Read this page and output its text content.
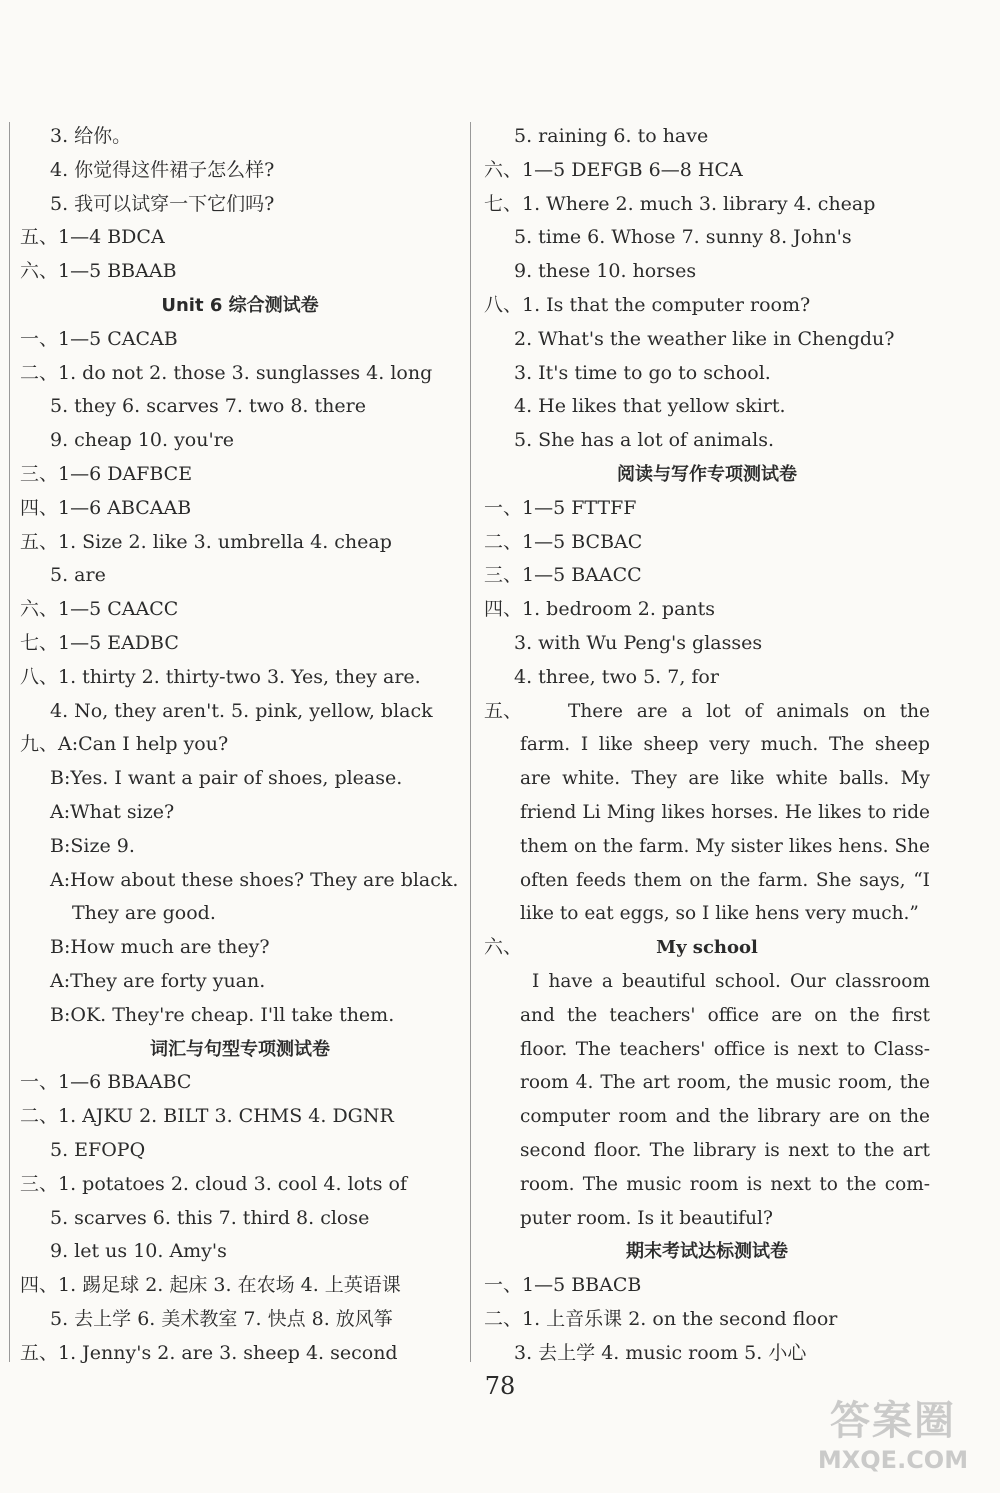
3. 给你。
4. 你觉得这件裙子怎么样?
5. 我可以试穿一下它们吗?
五、1—4 BDCA
六、1—5 BBAAB
Unit 6 综合测试卷
一、1—5 CACAB
二、1. do not 2. those 3. sunglasses 4. long
5. they 6. scarves 7. two 8. there
9. cheap 10. you're
三、1—6 DAFBCE
四、1—6 ABCAAB
五、1. Size 2. like 3. umbrella 4. cheap
5. are
六、1—5 CAACC
七、1—5 EADBC
八、1. thirty 2. thirty-two 3. Yes, they are.
4. No, they aren't. 5. pink, yellow, black
九、A:Can I help you?
B:Yes. I want a pair of shoes, please.
A:What size?
B:Size 9.
A:How about these shoes? They are black.
They are good.
B:How much are they?
A:They are forty yuan.
B:OK. They're cheap. I'll take them.
词汇与句型专项测试卷
一、1—6 BBAABC
二、1. AJKU 2. BILT 3. CHMS 4. DGNR
5. EFOPQ
三、1. potatoes 2. cloud 3. cool 4. lots of
5. scarves 6. this 7. third 8. close
9. let us 10. Amy's
四、1. 踢足球 2. 起床 3. 在农场 4. 上英语课
5. 去上学 6. 美术教室 7. 快点 8. 放风筝
五、1. Jenny's 2. are 3. sheep 4. second
5. raining 6. to have
六、1—5 DEFGB 6—8 HCA
七、1. Where 2. much 3. library 4. cheap
5. time 6. Whose 7. sunny 8. John's
9. these 10. horses
八、1. Is that the computer room?
2. What's the weather like in Chengdu?
3. It's time to go to school.
4. He likes that yellow skirt.
5. She has a lot of animals.
阅读与写作专项测试卷
一、1—5 FTTFF
二、1—5 BCBAC
三、1—5 BAACC
四、1. bedroom 2. pants
3. with Wu Peng's glasses
4. three, two 5. 7, for
五、	There are a lot of animals on the farm. I like sheep very much. The sheep are white. They are like white balls. My friend Li Ming likes horses. He likes to ride them on the farm. My sister likes hens. She often feeds them on the farm. She says, “I like to eat eggs, so I like hens very much.”
六、	My school
I have a beautiful school. Our classroom and the teachers' office are on the first floor. The teachers' office is next to Class-room 4. The art room, the music room, the computer room and the library are on the second floor. The library is next to the art room. The music room is next to the com-puter room. Is it beautiful?
期末考试达标测试卷
一、1—5 BBACB
二、1. 上音乐课 2. on the second floor
3. 去上学 4. music room 5. 小心
78
答案圈
MXQE.COM
